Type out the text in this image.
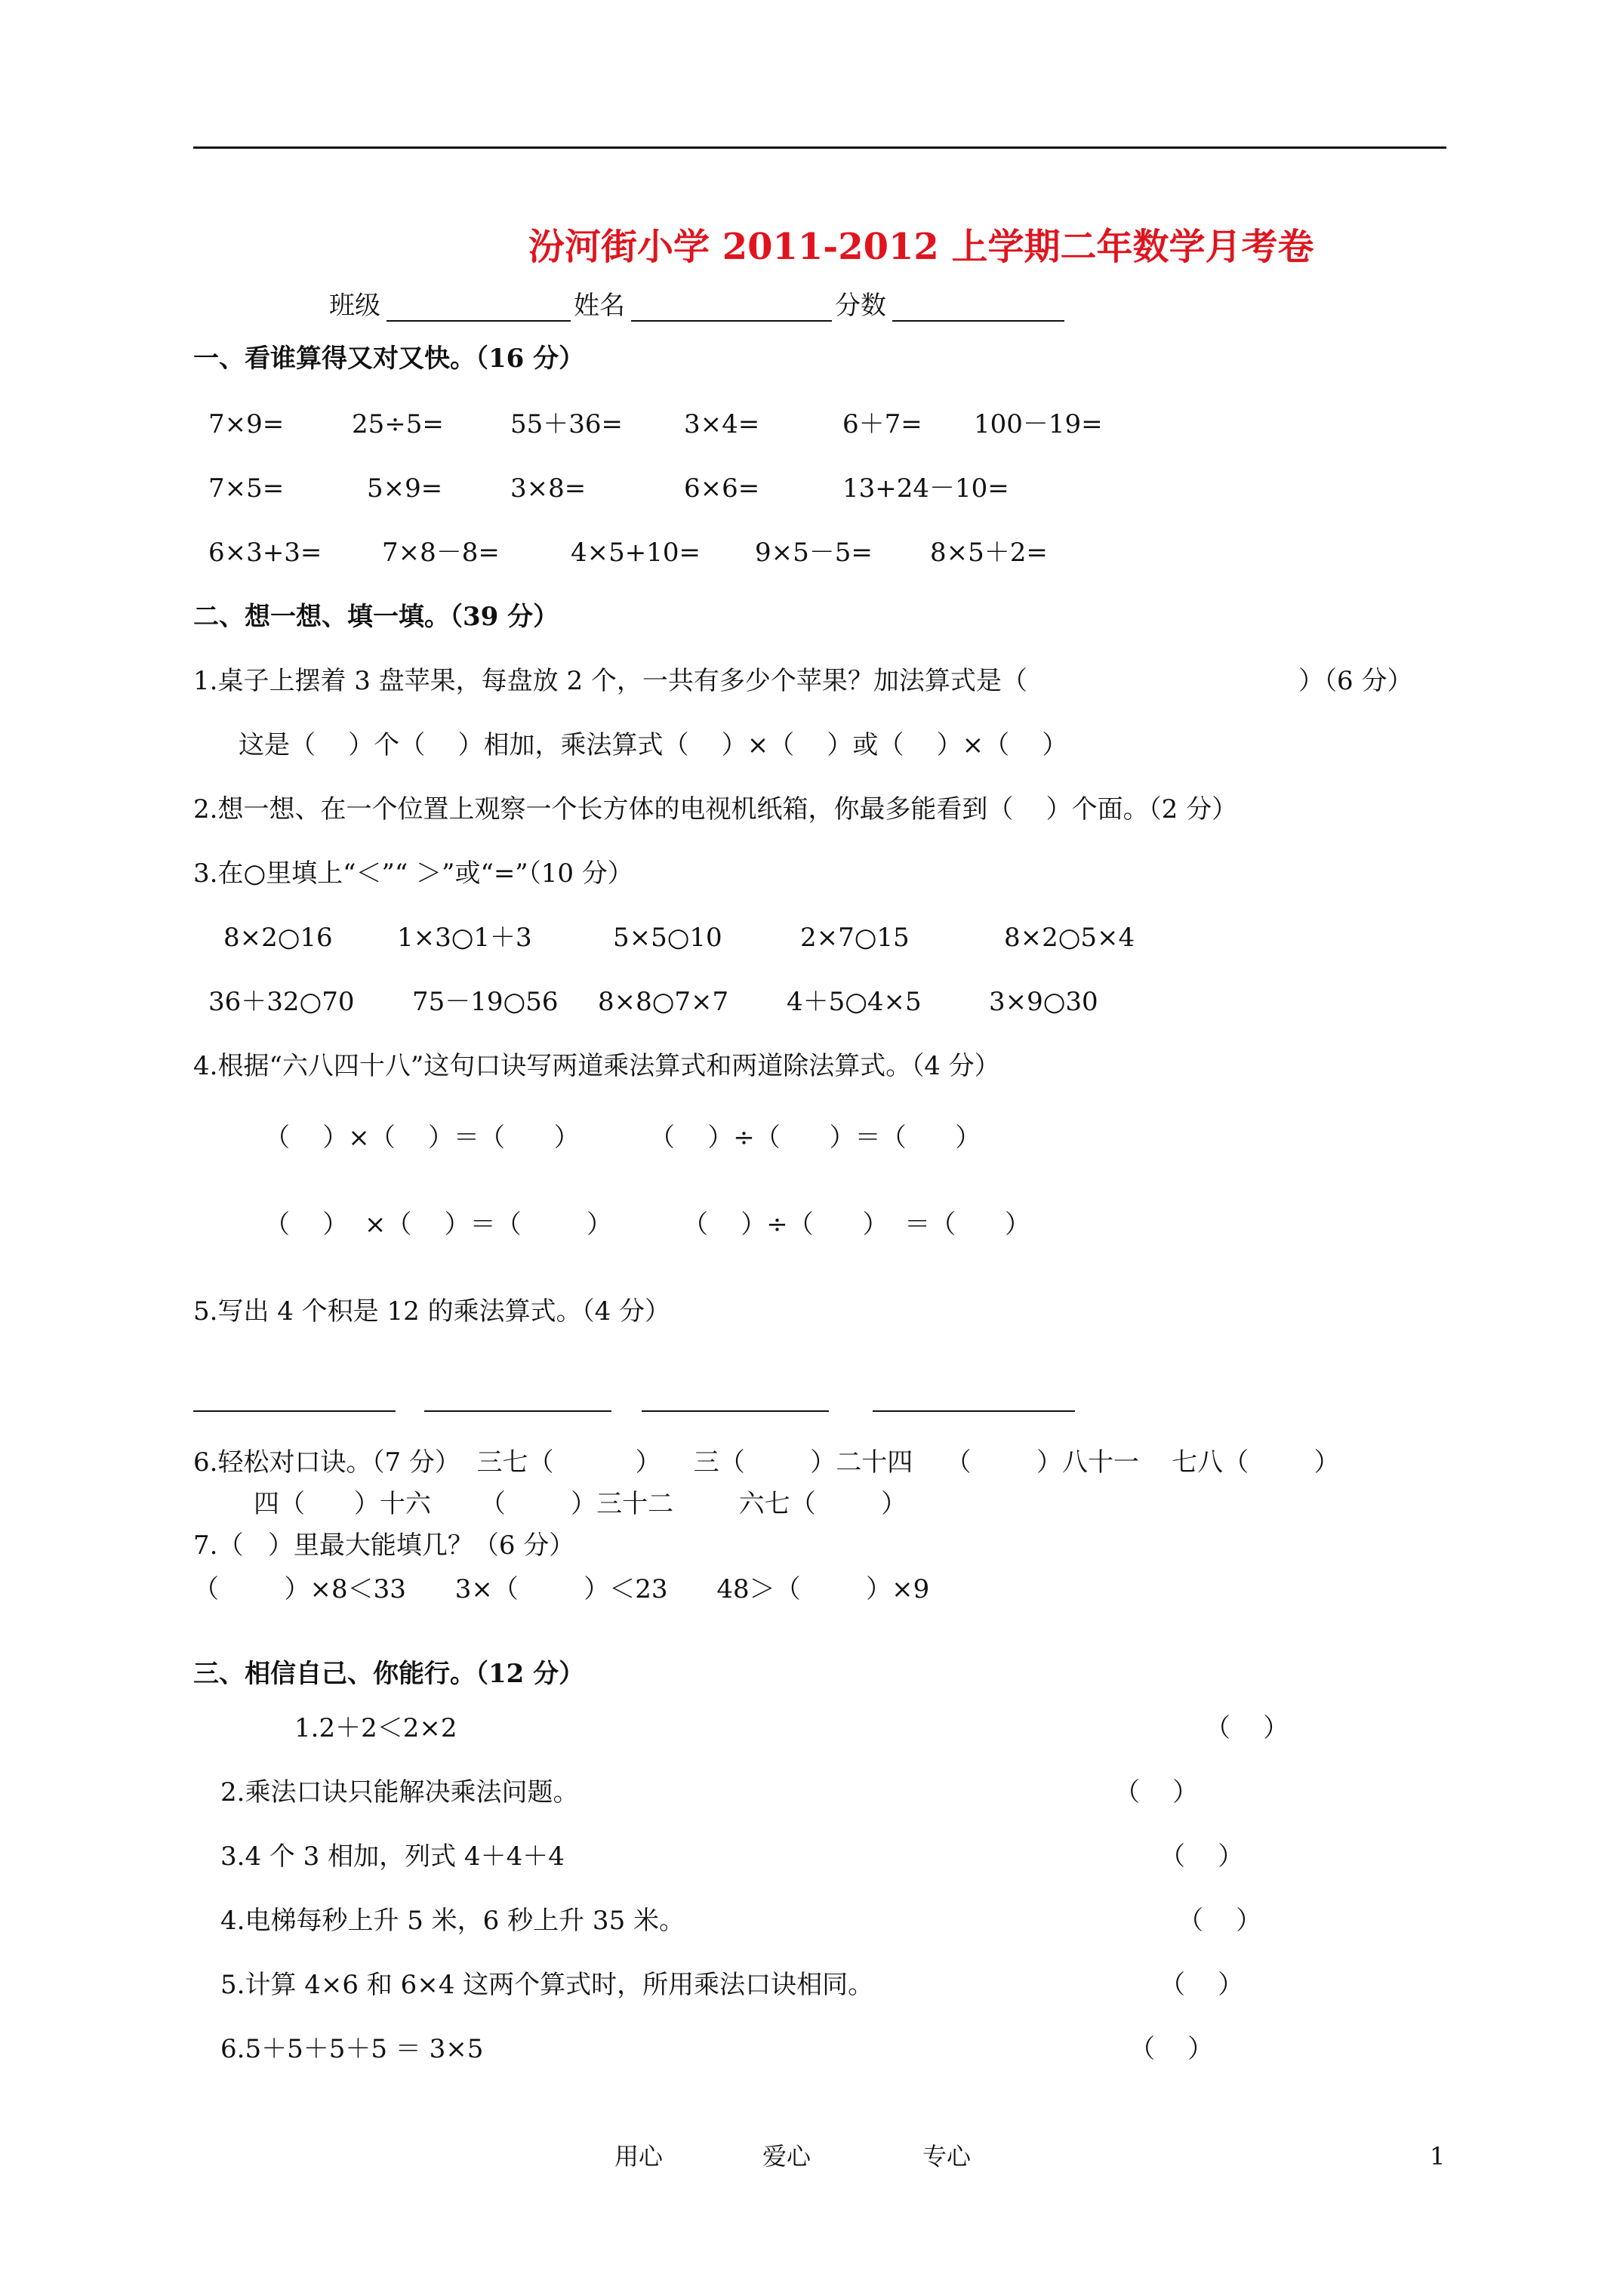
汾河街小学 2011-2012 上学期二年数学月考卷
班级	姓名	分数
一、看谁算得又对又快。（16 分）
7×9=	25÷5=	55＋36= 3×4=	6＋7= 100－19=
7×5=	5×9=	3×8=	6×6=	13+24－10=
6×3+3= 7×8－8=	4×5+10= 9×5－5= 8×5＋2=
二、想一想、填一填。（39 分）
1.桌子上摆着 3 盘苹果，每盘放 2 个，一共有多少个苹果？加法算式是（	）（6 分）
这是（    ）个（    ）相加，乘法算式（    ）×（    ）或（    ）×（    ）
2.想一想、在一个位置上观察一个长方体的电视机纸箱，你最多能看到（    ）个面。（2 分）
3.在○里填上“＜”“ ＞”或“=”（10 分）
8×2○16	1×3○1＋3	5×5○10	2×7○15	8×2○5×4
36＋32○70 75－19○56 8×8○7×7 4＋5○4×5	3×9○30
4.根据“六八四十八”这句口诀写两道乘法算式和两道除法算式。（4 分）
（    ）×（    ）＝（      ）	（    ）÷（      ）＝（      ）
（    ）  ×（    ）＝（        ）	（    ）÷（      ）  ＝（      ）
5.写出 4 个积是 12 的乘法算式。（4 分）
6.轻松对口诀。（7 分）  三七（          ）    三（        ）二十四    （        ）八十一    七八（        ）
四（      ）十六      （        ）三十二        六七（        ）
7.（   ）里最大能填几？（6 分）
（        ）×8＜33      3×（        ）＜23      48＞（        ）×9
三、相信自己、你能行。（12 分）
1.2＋2＜2×2	（    ）
2.乘法口诀只能解决乘法问题。	（    ）
3.4 个 3 相加，列式 4＋4＋4	（    ）
4.电梯每秒上升 5 米，6 秒上升 35 米。	（    ）
5.计算 4×6 和 6×4 这两个算式时，所用乘法口诀相同。	（    ）
6.5＋5＋5＋5 ＝ 3×5	（    ）
用心	爱心	专心	1
